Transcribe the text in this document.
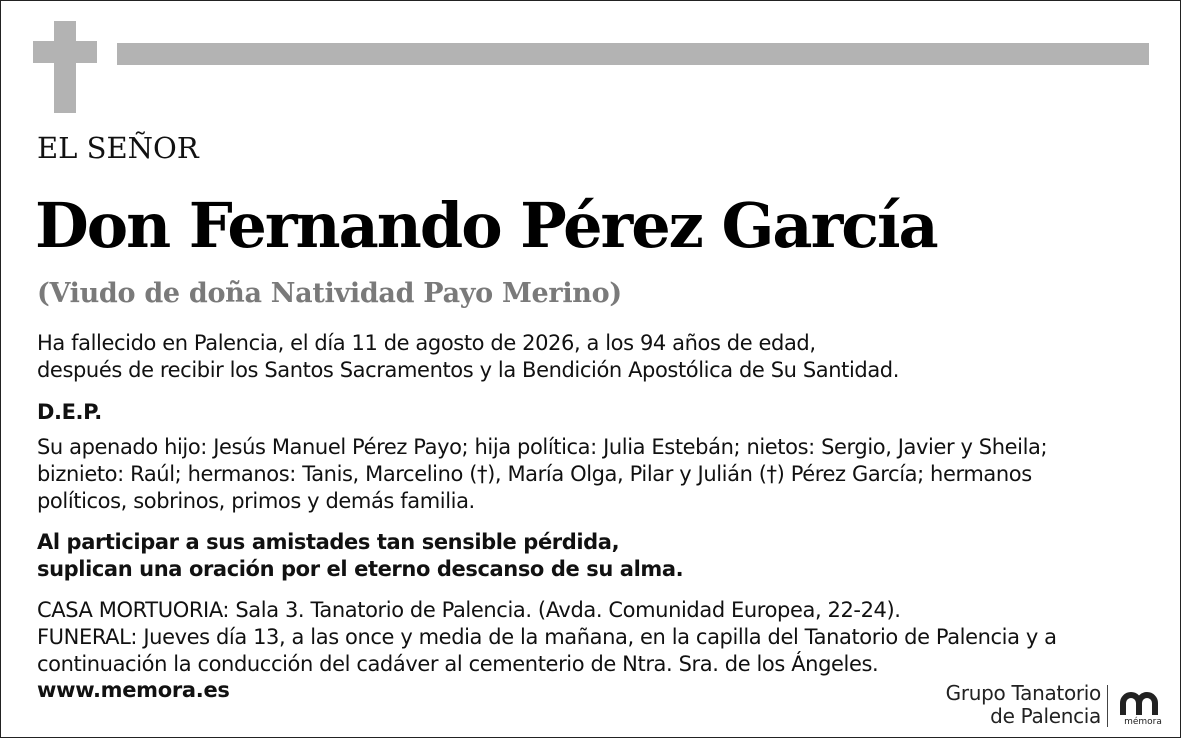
EL SEÑOR
Don Fernando Pérez García
(Viudo de doña Natividad Payo Merino)
Ha fallecido en Palencia, el día 11 de agosto de 2026, a los 94 años de edad,
después de recibir los Santos Sacramentos y la Bendición Apostólica de Su Santidad.
D.E.P.
Su apenado hijo: Jesús Manuel Pérez Payo; hija política: Julia Estebán; nietos: Sergio, Javier y Sheila;
biznieto: Raúl; hermanos: Tanis, Marcelino (†), María Olga, Pilar y Julián (†) Pérez García; hermanos
políticos, sobrinos, primos y demás familia.
Al participar a sus amistades tan sensible pérdida,
suplican una oración por el eterno descanso de su alma.
CASA MORTUORIA: Sala 3. Tanatorio de Palencia. (Avda. Comunidad Europea, 22-24).
FUNERAL: Jueves día 13, a las once y media de la mañana, en la capilla del Tanatorio de Palencia y a
continuación la conducción del cadáver al cementerio de Ntra. Sra. de los Ángeles.
www.memora.es	Grupo Tanatorio
de Palencia	mémora
